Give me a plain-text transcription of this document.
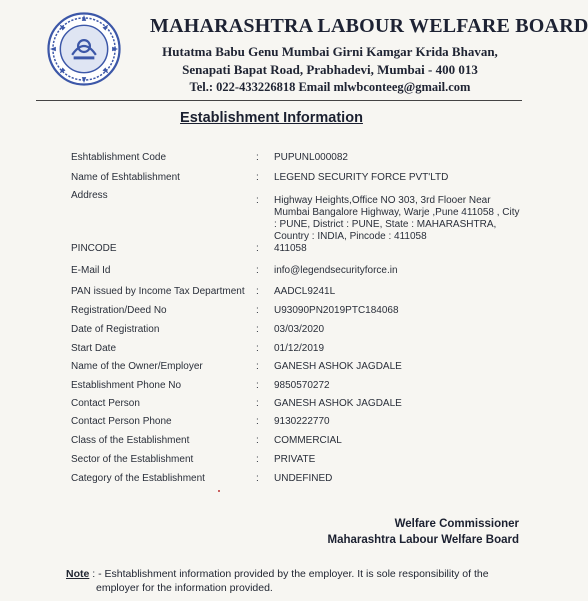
MAHARASHTRA LABOUR WELFARE BOARD
Hutatma Babu Genu Mumbai Girni Kamgar Krida Bhavan,
Senapati Bapat Road, Prabhadevi, Mumbai - 400 013
Tel.: 022-433226818 Email mlwbconteeg@gmail.com
Establishment Information
Eshtablishment Code	: PUPUNL000082
Name of Eshtablishment	: LEGEND SECURITY FORCE PVT'LTD
Address	: Highway Heights,Office NO 303, 3rd Flooer Near Mumbai Bangalore Highway, Warje ,Pune 411058 , City : PUNE, District : PUNE, State : MAHARASHTRA, Country : INDIA, Pincode : 411058
PINCODE	: 411058
E-Mail Id	: info@legendsecurityforce.in
PAN issued by Income Tax Department	: AADCL9241L
Registration/Deed No	: U93090PN2019PTC184068
Date of Registration	: 03/03/2020
Start Date	: 01/12/2019
Name of the Owner/Employer	: GANESH ASHOK JAGDALE
Establishment Phone No	: 9850570272
Contact Person	: GANESH ASHOK JAGDALE
Contact Person Phone	: 9130222770
Class of the Establishment	: COMMERCIAL
Sector of the Establishment	: PRIVATE
Category of the Establishment	: UNDEFINED
Welfare Commissioner
Maharashtra Labour Welfare Board
Note : - Eshtablishment information provided by the employer. It is sole responsibility of the
employer for the information provided.
